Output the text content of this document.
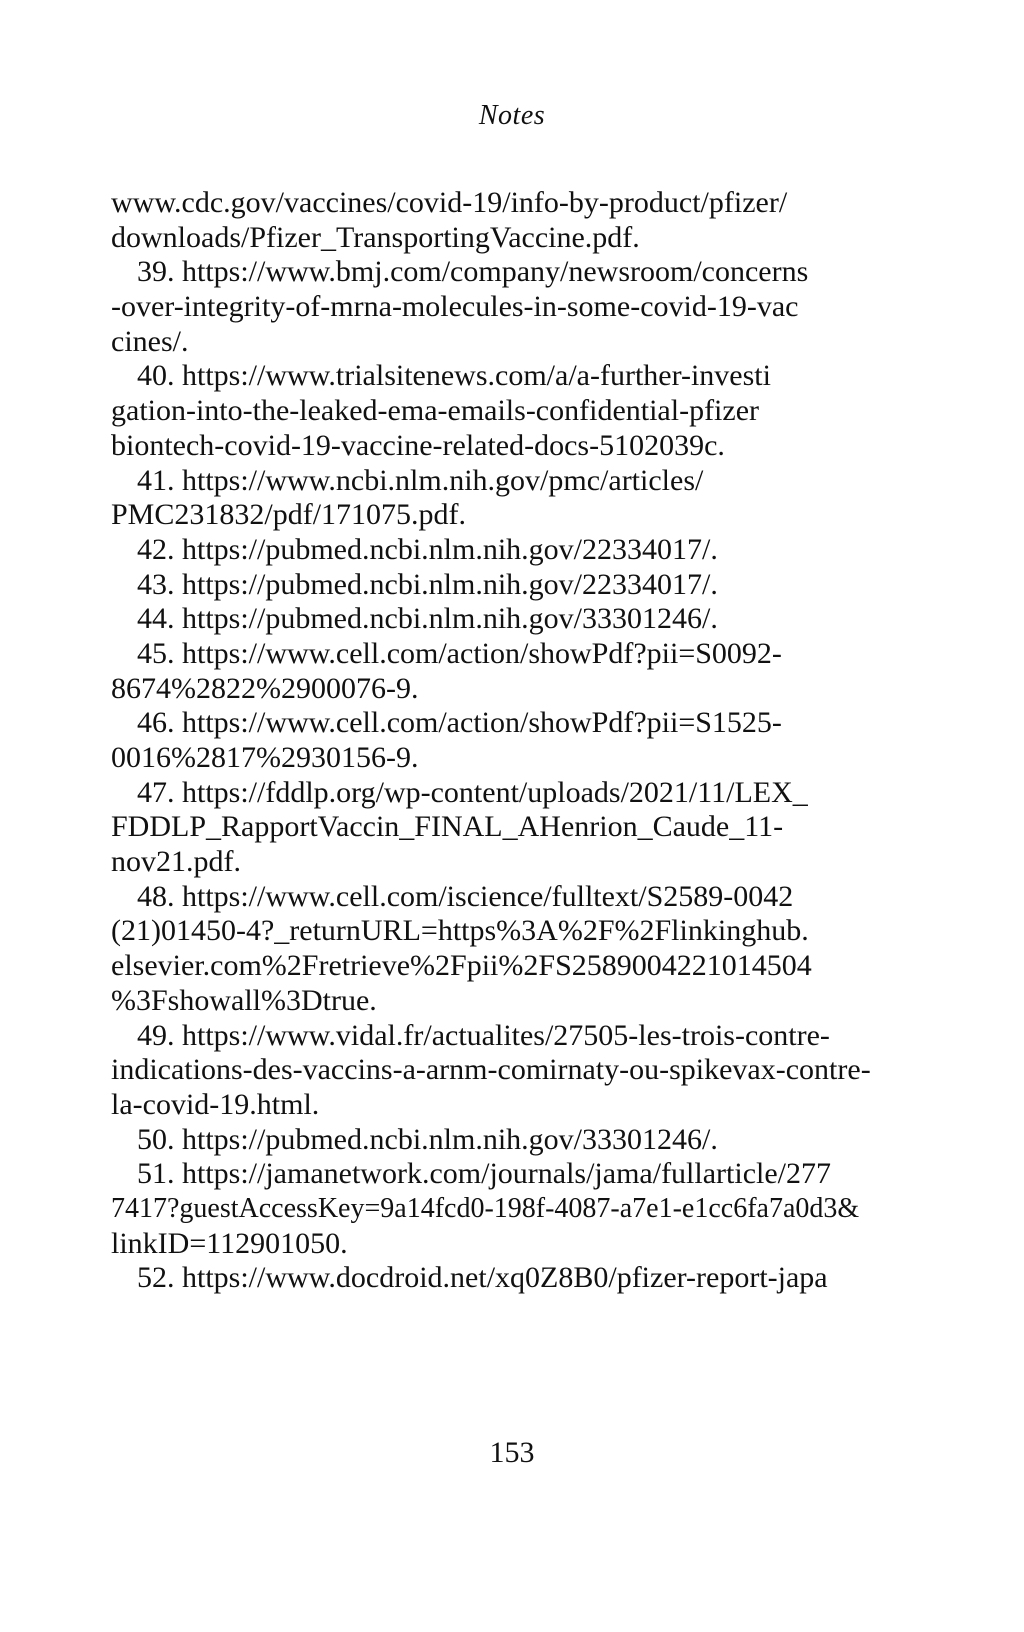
Notes
www.cdc.gov/vaccines/covid-19/info-by-product/pfizer/
downloads/Pfizer_TransportingVaccine.pdf.
39. https://www.bmj.com/company/newsroom/concerns
-over-integrity-of-mrna-molecules-in-some-covid-19-vac
cines/.
40. https://www.trialsitenews.com/a/a-further-investi
gation-into-the-leaked-ema-emails-confidential-pfizer
biontech-covid-19-vaccine-related-docs-5102039c.
41. https://www.ncbi.nlm.nih.gov/pmc/articles/
PMC231832/pdf/171075.pdf.
42. https://pubmed.ncbi.nlm.nih.gov/22334017/.
43. https://pubmed.ncbi.nlm.nih.gov/22334017/.
44. https://pubmed.ncbi.nlm.nih.gov/33301246/.
45. https://www.cell.com/action/showPdf?pii=S0092-
8674%2822%2900076-9.
46. https://www.cell.com/action/showPdf?pii=S1525-
0016%2817%2930156-9.
47. https://fddlp.org/wp-content/uploads/2021/11/LEX_
FDDLP_RapportVaccin_FINAL_AHenrion_Caude_11-
nov21.pdf.
48. https://www.cell.com/iscience/fulltext/S2589-0042
(21)01450-4?_returnURL=https%3A%2F%2Flinkinghub.
elsevier.com%2Fretrieve%2Fpii%2FS2589004221014504
%3Fshowall%3Dtrue.
49. https://www.vidal.fr/actualites/27505-les-trois-contre-
indications-des-vaccins-a-arnm-comirnaty-ou-spikevax-contre-
la-covid-19.html.
50. https://pubmed.ncbi.nlm.nih.gov/33301246/.
51. https://jamanetwork.com/journals/jama/fullarticle/277
7417?guestAccessKey=9a14fcd0-198f-4087-a7e1-e1cc6fa7a0d3&
linkID=112901050.
52. https://www.docdroid.net/xq0Z8B0/pfizer-report-japa
153
